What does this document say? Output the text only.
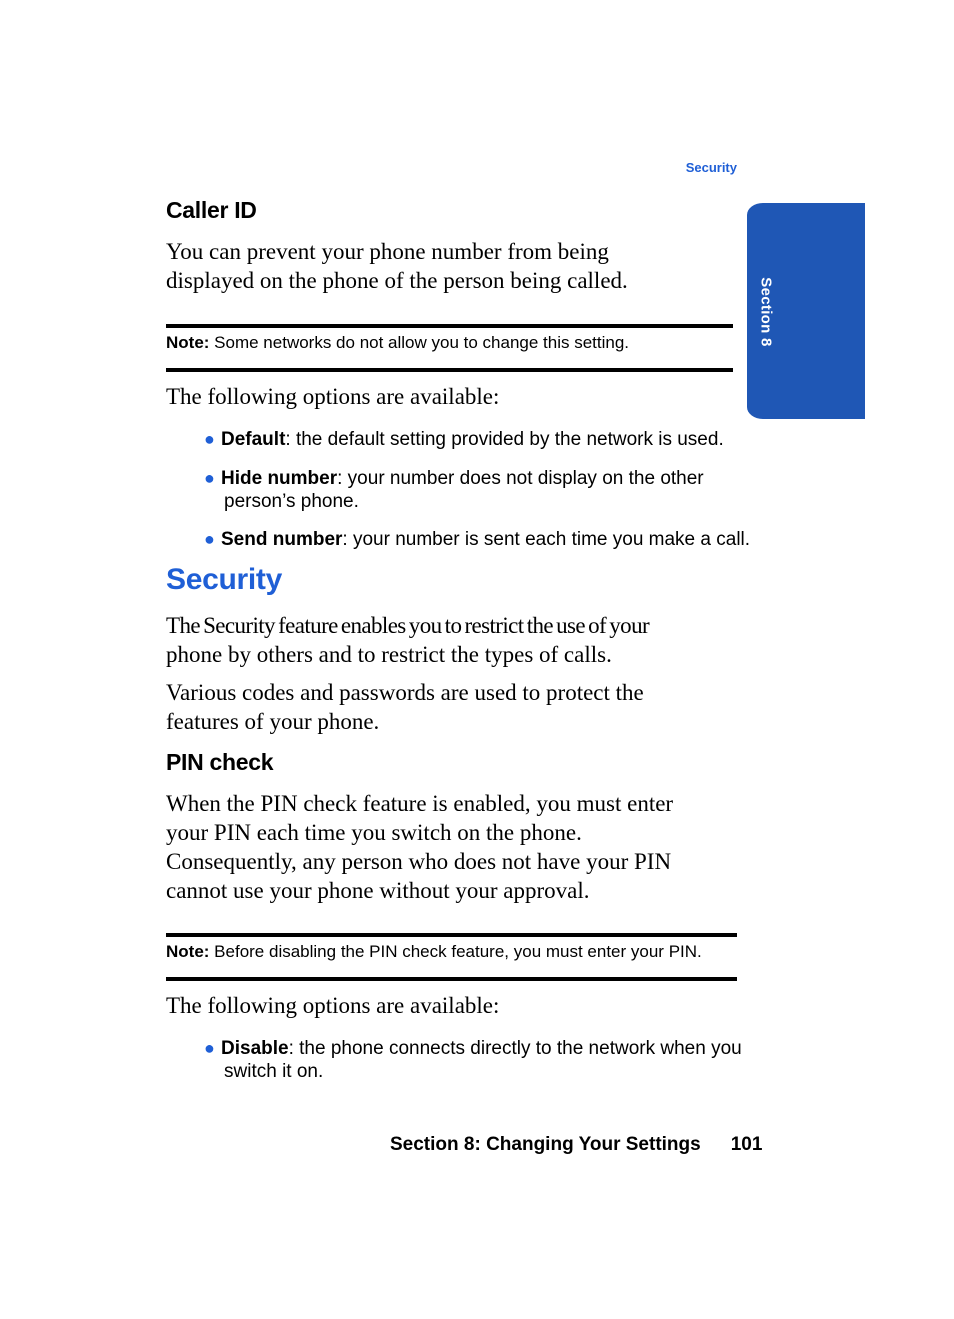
Security
Section 8
Caller ID
You can prevent your phone number from being
displayed on the phone of the person being called.
Note: Some networks do not allow you to change this setting.
The following options are available:
● Default: the default setting provided by the network is used.
● Hide number: your number does not display on the other
person’s phone.
● Send number: your number is sent each time you make a call.
Security
The Security feature enables you to restrict the use of your
phone by others and to restrict the types of calls.
Various codes and passwords are used to protect the
features of your phone.
PIN check
When the PIN check feature is enabled, you must enter
your PIN each time you switch on the phone.
Consequently, any person who does not have your PIN
cannot use your phone without your approval.
Note: Before disabling the PIN check feature, you must enter your PIN.
The following options are available:
● Disable: the phone connects directly to the network when you
switch it on.
Section 8: Changing Your Settings 101
